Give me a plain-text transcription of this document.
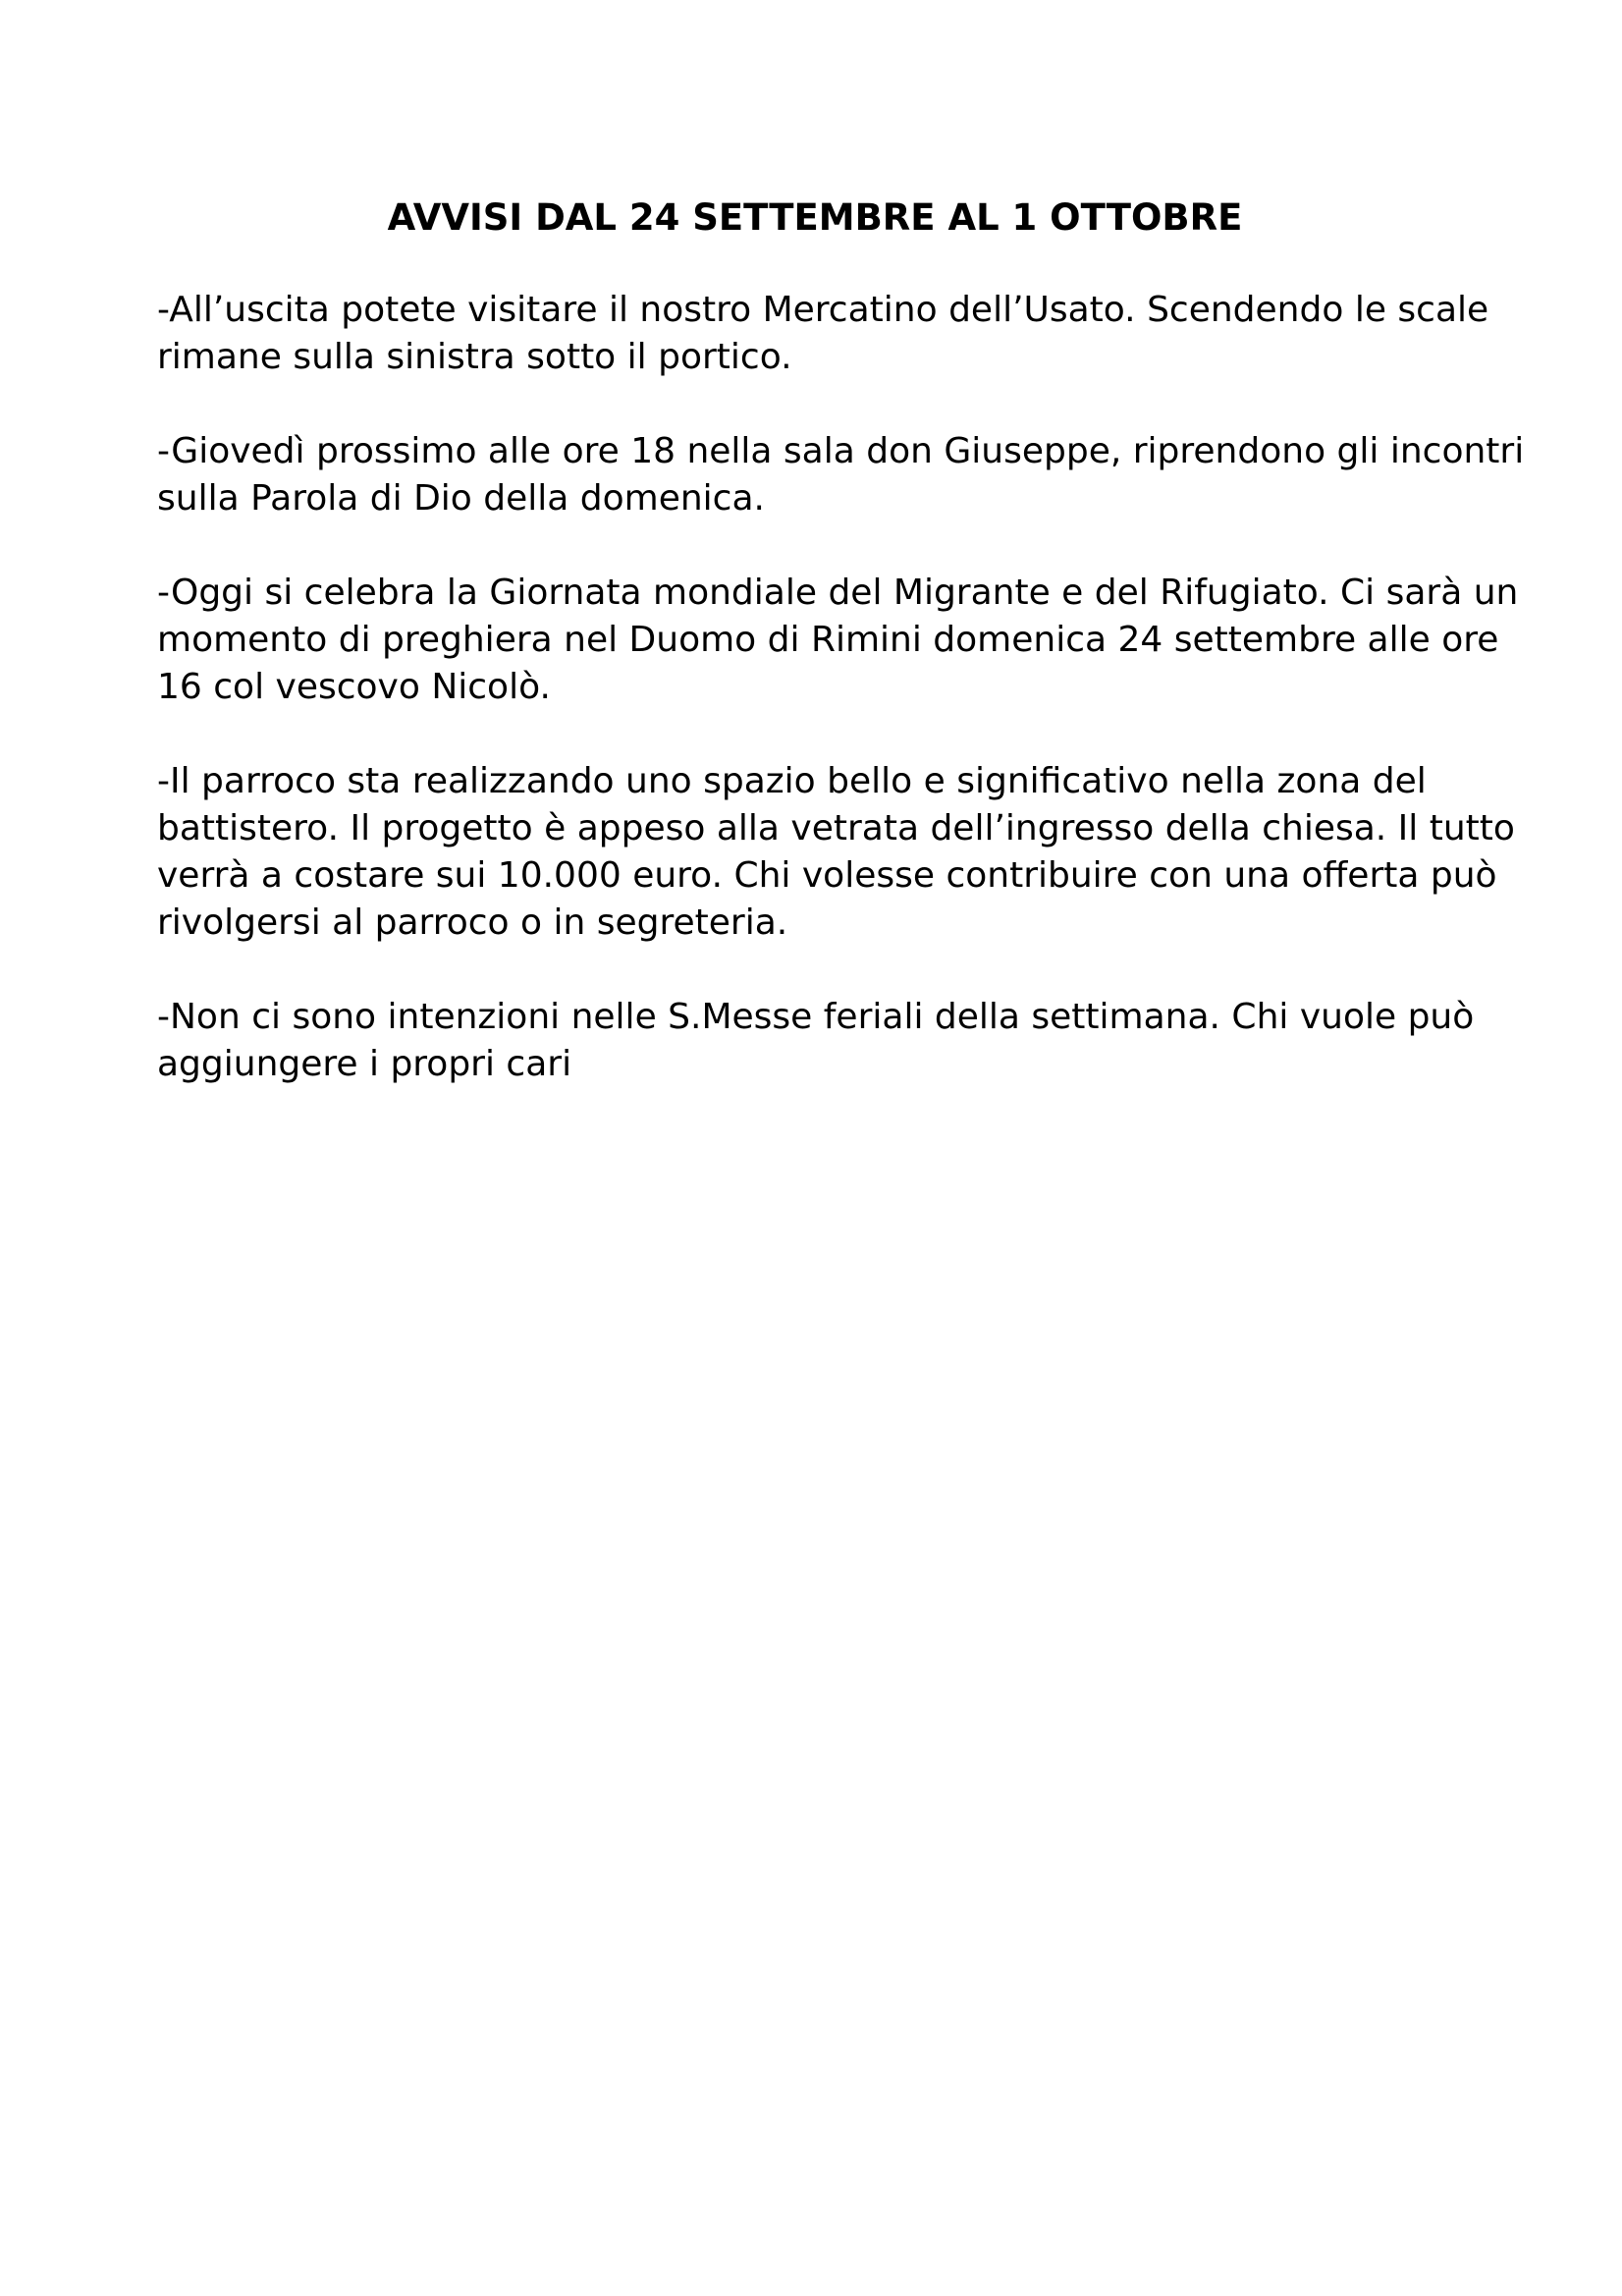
AVVISI DAL 24 SETTEMBRE AL 1 OTTOBRE

-All’uscita potete visitare il nostro Mercatino dell’Usato. Scendendo le scale
rimane sulla sinistra sotto il portico.

-Giovedì prossimo alle ore 18 nella sala don Giuseppe, riprendono gli incontri
sulla Parola di Dio della domenica.

-Oggi si celebra la Giornata mondiale del Migrante e del Rifugiato. Ci sarà un
momento di preghiera nel Duomo di Rimini domenica 24 settembre alle ore
16 col vescovo Nicolò.

-Il parroco sta realizzando uno spazio bello e significativo nella zona del
battistero. Il progetto è appeso alla vetrata dell’ingresso della chiesa. Il tutto
verrà a costare sui 10.000 euro. Chi volesse contribuire con una offerta può
rivolgersi al parroco o in segreteria.

-Non ci sono intenzioni nelle S.Messe feriali della settimana. Chi vuole può
aggiungere i propri cari
